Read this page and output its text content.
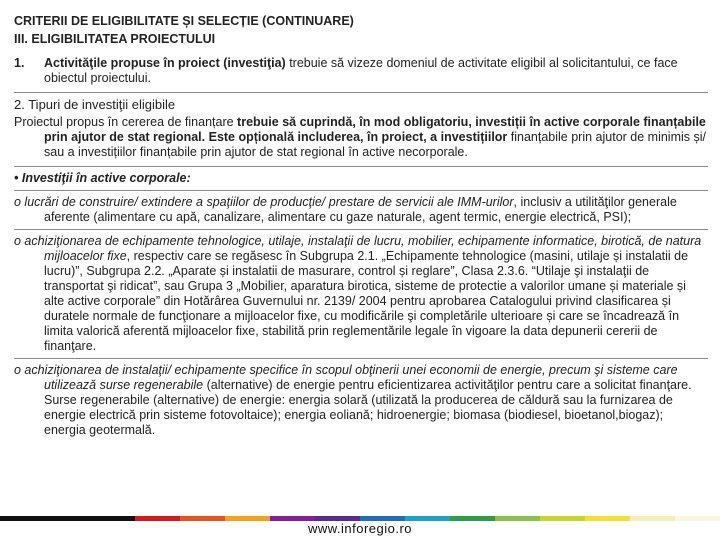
CRITERII DE ELIGIBILITATE ȘI SELECȚIE (CONTINUARE)
III. ELIGIBILITATEA PROIECTULUI
1. Activităţile propuse în proiect (investiţia) trebuie să vizeze domeniul de activitate eligibil al solicitantului, ce face obiectul proiectului.
2. Tipuri de investiţii eligibile
Proiectul propus în cererea de finanțare trebuie să cuprindă, în mod obligatoriu, investiții în active corporale finanțabile prin ajutor de stat regional. Este opțională includerea, în proiect, a investițiilor finanțabile prin ajutor de minimis și/ sau a investițiilor finanțabile prin ajutor de stat regional în active necorporale.
• Investiţii în active corporale:
o lucrări de construire/ extindere a spaţiilor de producţie/ prestare de servicii ale IMM-urilor, inclusiv a utilităţilor generale aferente (alimentare cu apă, canalizare, alimentare cu gaze naturale, agent termic, energie electrică, PSI);
o achiziţionarea de echipamente tehnologice, utilaje, instalaţii de lucru, mobilier, echipamente informatice, birotică, de natura mijloacelor fixe, respectiv care se regăsesc în Subgrupa 2.1. „Echipamente tehnologice (masini, utilaje și instalatii de lucru)”, Subgrupa 2.2. „Aparate și instalatii de masurare, control și reglare”, Clasa 2.3.6. “Utilaje şi instalaţii de transportat şi ridicat”, sau Grupa 3 „Mobilier, aparatura birotica, sisteme de protectie a valorilor umane și materiale și alte active corporale” din Hotărârea Guvernului nr. 2139/ 2004 pentru aprobarea Catalogului privind clasificarea și duratele normale de funcţionare a mijloacelor fixe, cu modificările şi completările ulterioare și care se încadrează în limita valorică aferentă mijloacelor fixe, stabilită prin reglementările legale în vigoare la data depunerii cererii de finanţare.
o achiziţionarea de instalaţii/ echipamente specifice în scopul obţinerii unei economii de energie, precum şi sisteme care utilizează surse regenerabile (alternative) de energie pentru eficientizarea activităţilor pentru care a solicitat finanţare. Surse regenerabile (alternative) de energie: energia solară (utilizată la producerea de căldură sau la furnizarea de energie electrică prin sisteme fotovoltaice); energia eoliană; hidroenergie; biomasa (biodiesel, bioetanol,biogaz); energia geotermală.
www.inforegio.ro
